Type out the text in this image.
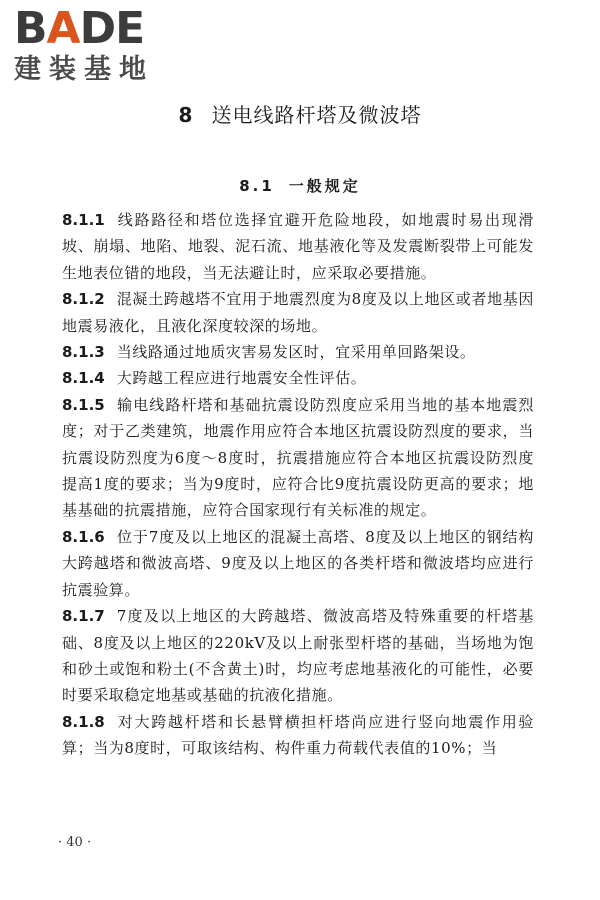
BADE
建装基地
8 送电线路杆塔及微波塔
8.1 一般规定

8.1.1 线路路径和塔位选择宜避开危险地段，如地震时易出现滑坡、崩塌、地陷、地裂、泥石流、地基液化等及发震断裂带上可能发生地表位错的地段，当无法避让时，应采取必要措施。

8.1.2 混凝土跨越塔不宜用于地震烈度为8度及以上地区或者地基因地震易液化，且液化深度较深的场地。

8.1.3 当线路通过地质灾害易发区时，宜采用单回路架设。

8.1.4 大跨越工程应进行地震安全性评估。

8.1.5 输电线路杆塔和基础抗震设防烈度应采用当地的基本地震烈度；对于乙类建筑，地震作用应符合本地区抗震设防烈度的要求，当抗震设防烈度为6度～8度时，抗震措施应符合本地区抗震设防烈度提高1度的要求；当为9度时，应符合比9度抗震设防更高的要求；地基基础的抗震措施，应符合国家现行有关标准的规定。

8.1.6 位于7度及以上地区的混凝土高塔、8度及以上地区的钢结构大跨越塔和微波高塔、9度及以上地区的各类杆塔和微波塔均应进行抗震验算。

8.1.7 7度及以上地区的大跨越塔、微波高塔及特殊重要的杆塔基础、8度及以上地区的220kV及以上耐张型杆塔的基础，当场地为饱和砂土或饱和粉土(不含黄土)时，均应考虑地基液化的可能性，必要时要采取稳定地基或基础的抗液化措施。

8.1.8 对大跨越杆塔和长悬臂横担杆塔尚应进行竖向地震作用验算；当为8度时，可取该结构、构件重力荷载代表值的10%；当

· 40 ·
